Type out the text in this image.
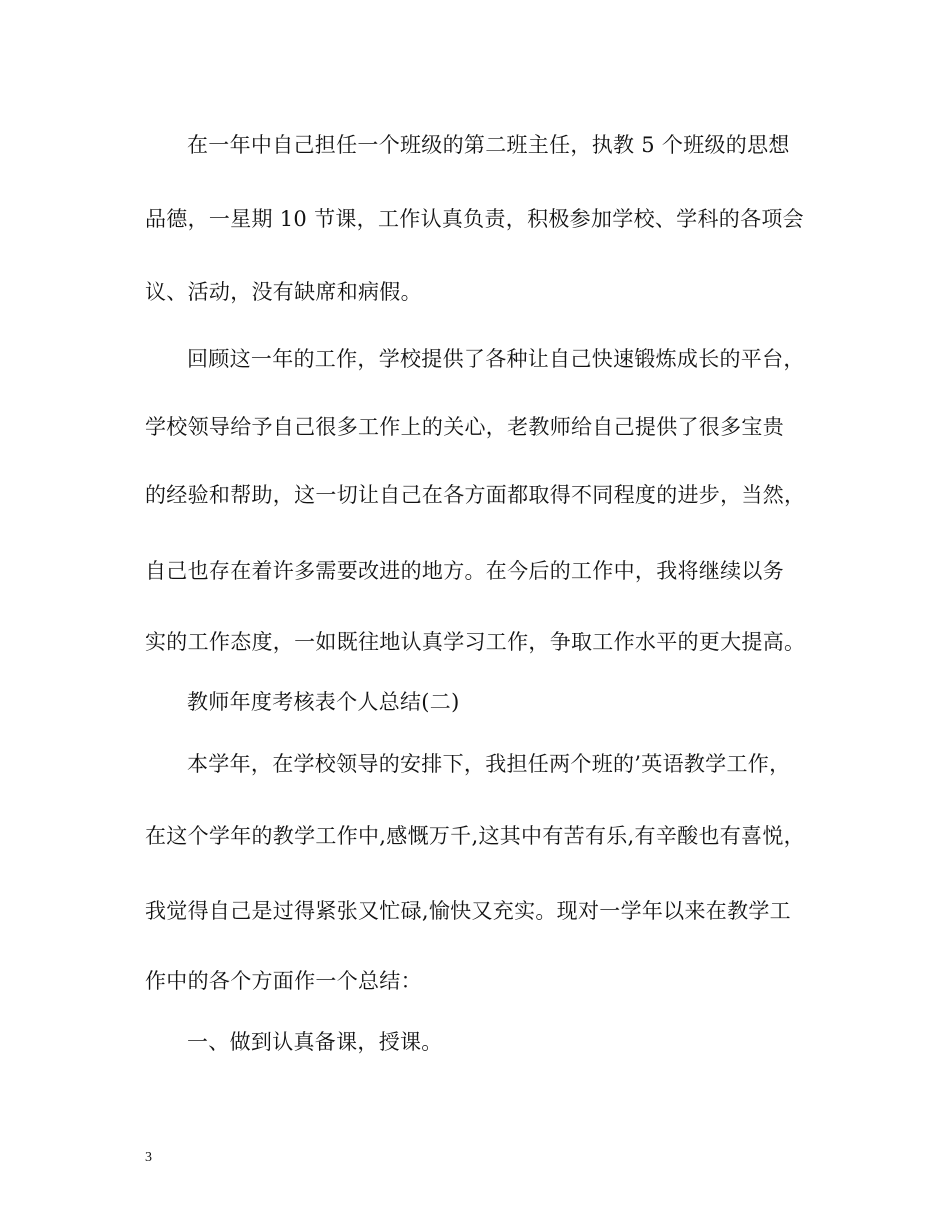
在一年中自己担任一个班级的第二班主任，执教 5 个班级的思想
品德，一星期 10 节课，工作认真负责，积极参加学校、学科的各项会
议、活动，没有缺席和病假。
回顾这一年的工作，学校提供了各种让自己快速锻炼成长的平台，
学校领导给予自己很多工作上的关心，老教师给自己提供了很多宝贵
的经验和帮助，这一切让自己在各方面都取得不同程度的进步，当然，
自己也存在着许多需要改进的地方。在今后的工作中，我将继续以务
实的工作态度，一如既往地认真学习工作，争取工作水平的更大提高。
教师年度考核表个人总结(二)
本学年，在学校领导的安排下，我担任两个班的’英语教学工作，
在这个学年的教学工作中,感慨万千,这其中有苦有乐,有辛酸也有喜悦，
我觉得自己是过得紧张又忙碌,愉快又充实。现对一学年以来在教学工
作中的各个方面作一个总结：
一、做到认真备课，授课。
3
